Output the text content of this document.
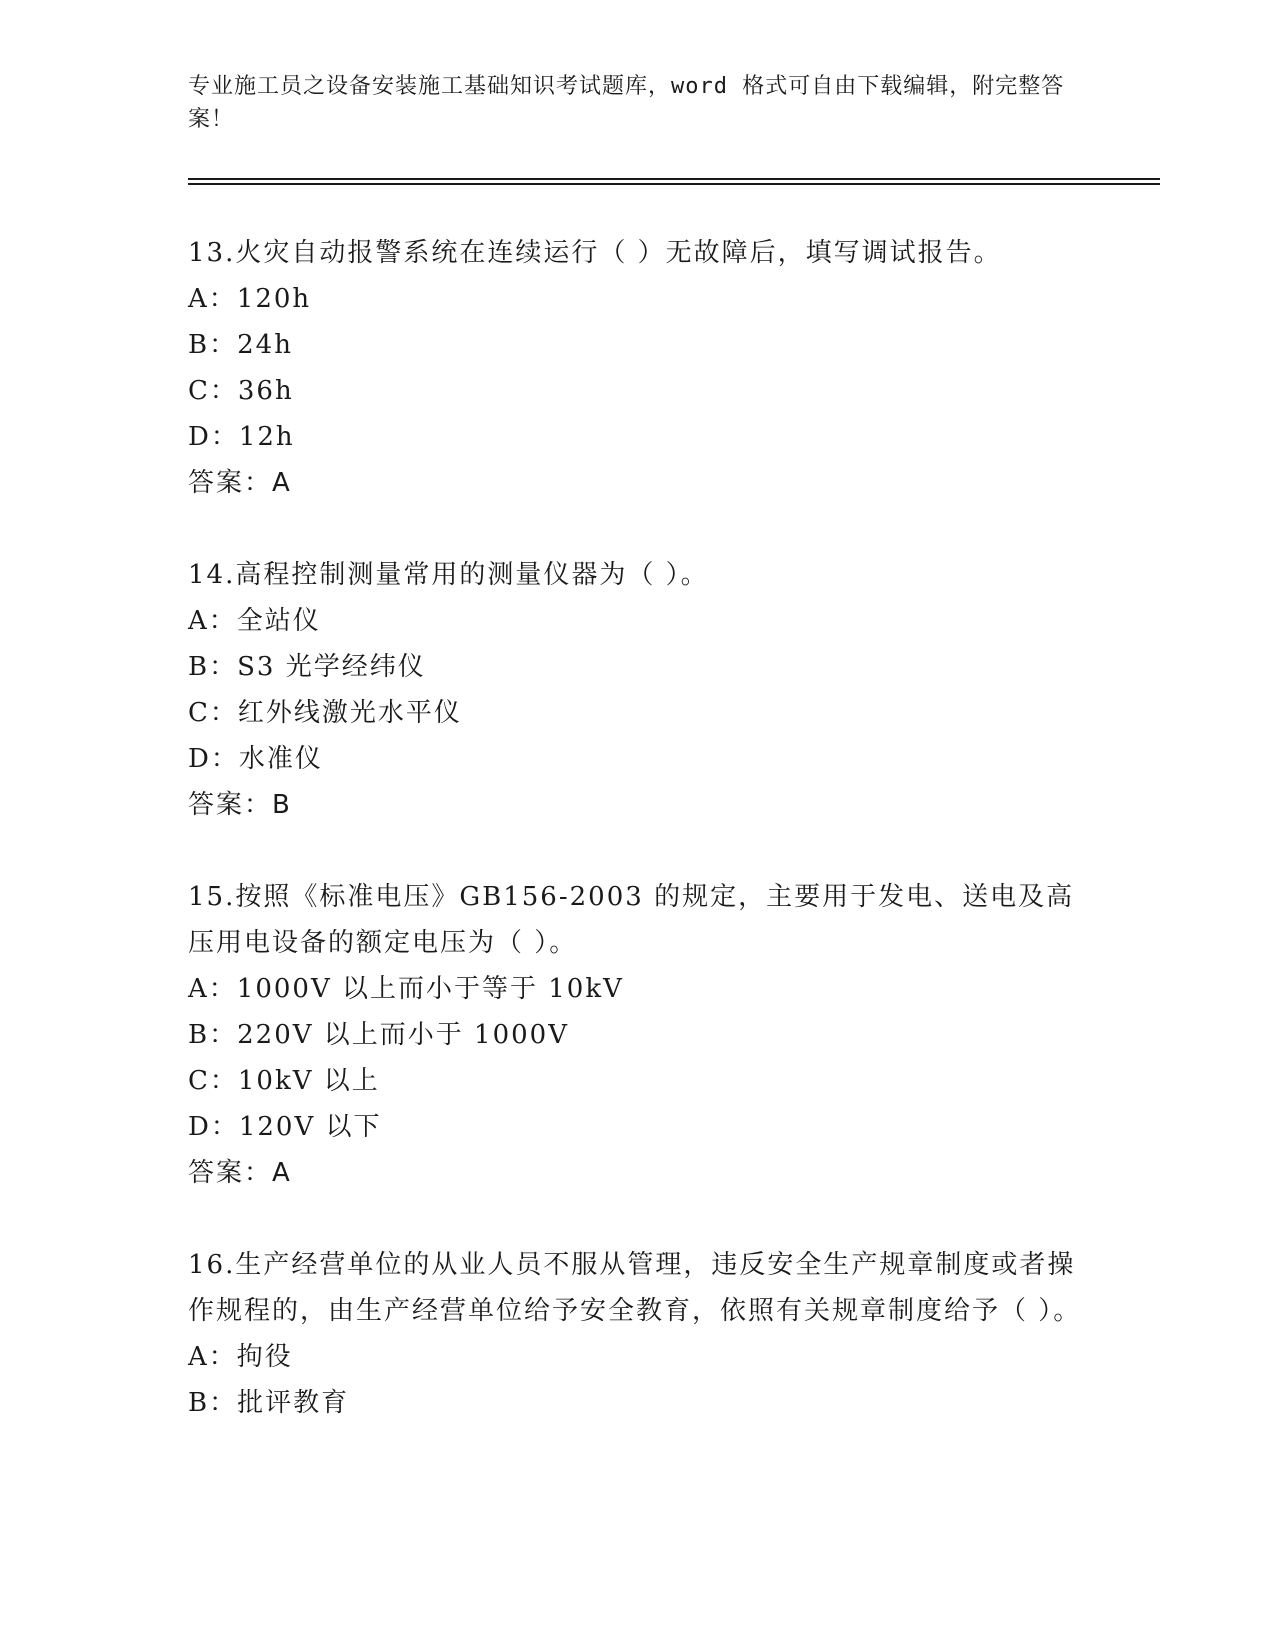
专业施工员之设备安装施工基础知识考试题库，word 格式可自由下载编辑，附完整答案！
13.火灾自动报警系统在连续运行（ ）无故障后，填写调试报告。
A：120h
B：24h
C：36h
D：12h
答案：A
14.高程控制测量常用的测量仪器为（ ）。
A：全站仪
B：S3 光学经纬仪
C：红外线激光水平仪
D：水准仪
答案：B
15.按照《标准电压》GB156-2003 的规定，主要用于发电、送电及高压用电设备的额定电压为（ ）。
A：1000V 以上而小于等于 10kV
B：220V 以上而小于 1000V
C：10kV 以上
D：120V 以下
答案：A
16.生产经营单位的从业人员不服从管理，违反安全生产规章制度或者操作规程的，由生产经营单位给予安全教育，依照有关规章制度给予（ ）。
A：拘役
B：批评教育
